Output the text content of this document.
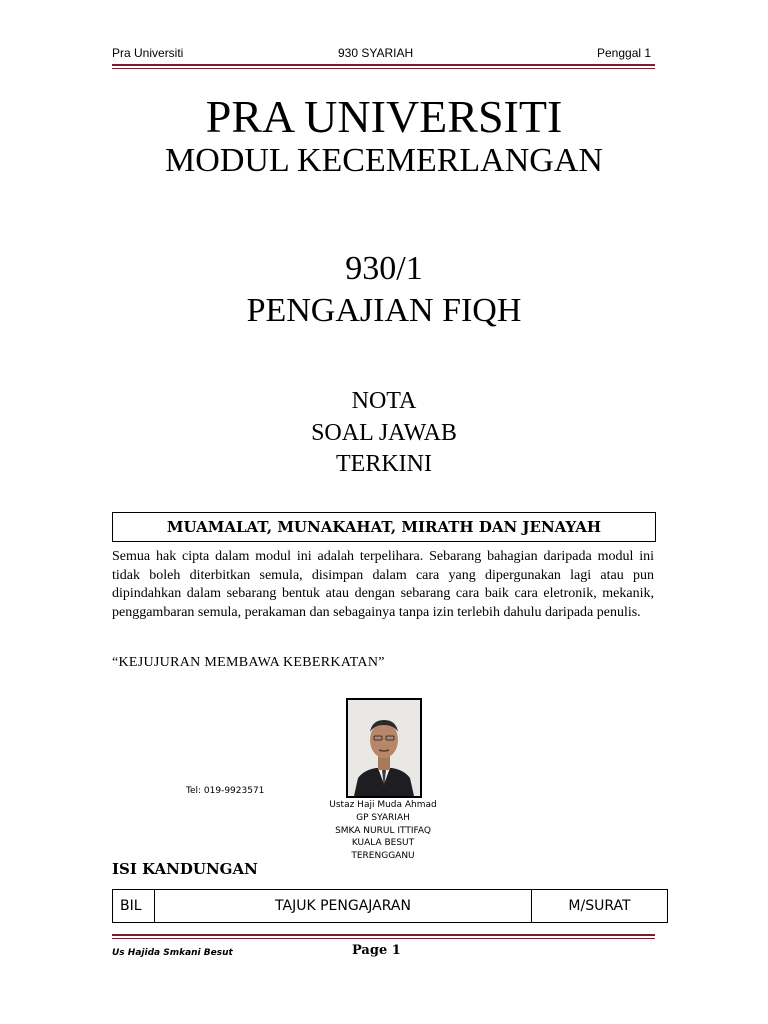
Pra Universiti	930 SYARIAH	Penggal 1
PRA UNIVERSITI
MODUL KECEMERLANGAN
930/1
PENGAJIAN FIQH
NOTA
SOAL JAWAB
TERKINI
MUAMALAT, MUNAKAHAT, MIRATH DAN JENAYAH
Semua hak cipta dalam modul ini adalah terpelihara. Sebarang bahagian daripada modul ini tidak boleh diterbitkan semula, disimpan dalam cara yang dipergunakan lagi atau pun dipindahkan dalam sebarang bentuk atau dengan sebarang cara baik cara eletronik, mekanik, penggambaran semula, perakaman dan sebagainya tanpa izin terlebih dahulu daripada penulis.
“KEJUJURAN MEMBAWA KEBERKATAN”
Tel: 019-9923571
Ustaz Haji Muda Ahmad
GP SYARIAH
SMKA NURUL ITTIFAQ
KUALA BESUT
TERENGGANU
ISI KANDUNGAN
BIL	TAJUK PENGAJARAN	M/SURAT
Us Hajida Smkani Besut	Page 1
